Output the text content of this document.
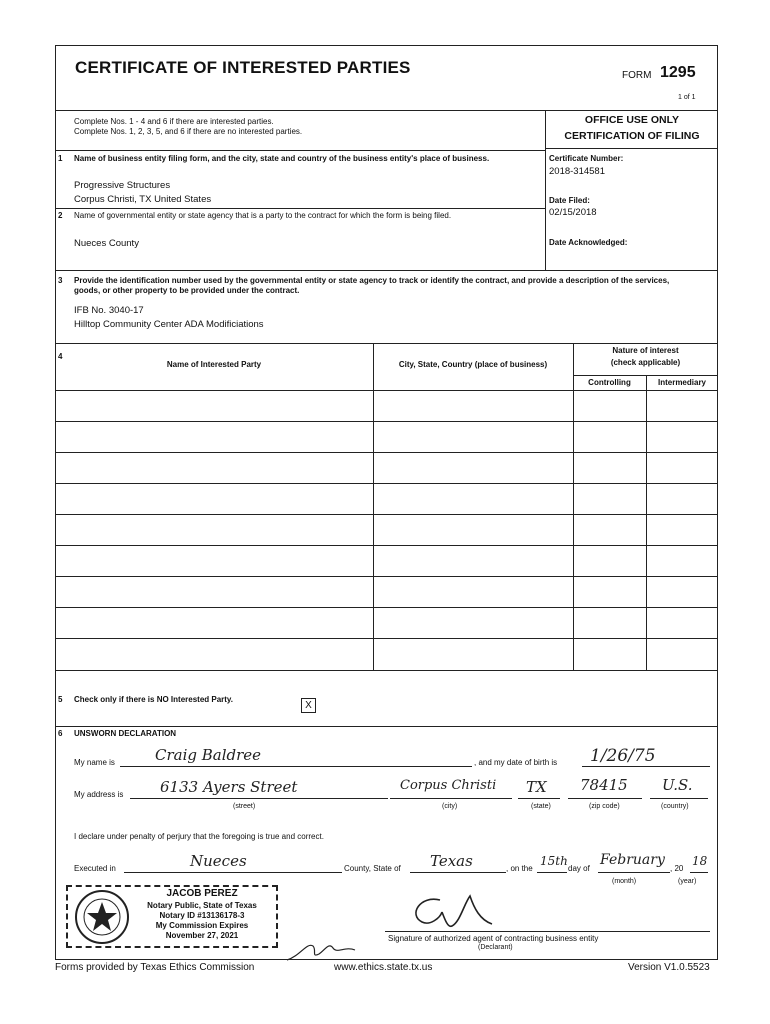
CERTIFICATE OF INTERESTED PARTIES	FORM 1295
1 of 1
Complete Nos. 1 - 4 and 6 if there are interested parties.
Complete Nos. 1, 2, 3, 5, and 6 if there are no interested parties.
OFFICE USE ONLY
CERTIFICATION OF FILING
Certificate Number:
2018-314581
Date Filed:
02/15/2018
Date Acknowledged:
1 Name of business entity filing form, and the city, state and country of the business entity's place of business.
Progressive Structures
Corpus Christi, TX United States
2 Name of governmental entity or state agency that is a party to the contract for which the form is being filed.
Nueces County
3 Provide the identification number used by the governmental entity or state agency to track or identify the contract, and provide a description of the services, goods, or other property to be provided under the contract.
IFB No. 3040-17
Hilltop Community Center ADA Modificiations
4
Name of Interested Party	City, State, Country (place of business)
Nature of interest
(check applicable)
Controlling	Intermediary
5 Check only if there is NO Interested Party.
X
6 UNSWORN DECLARATION
My name is	Craig Baldree	, and my date of birth is 1/26/75
My address is 6133 Ayers Street	Corpus Christi TX 78415 U.S.
(street)	(city)	(state)	(zip code)	(country)
I declare under penalty of perjury that the foregoing is true and correct.
Executed in	Nueces	County, State of Texas	, on the
15th
day of
February
, 20
18
(month)	(year)
Signature of authorized agent of contracting business entity
(Declarant)
JACOB PEREZ
Notary Public, State of Texas
Notary ID #13136178-3
My Commission Expires
November 27, 2021
Forms provided by Texas Ethics Commission	www.ethics.state.tx.us	Version V1.0.5523
